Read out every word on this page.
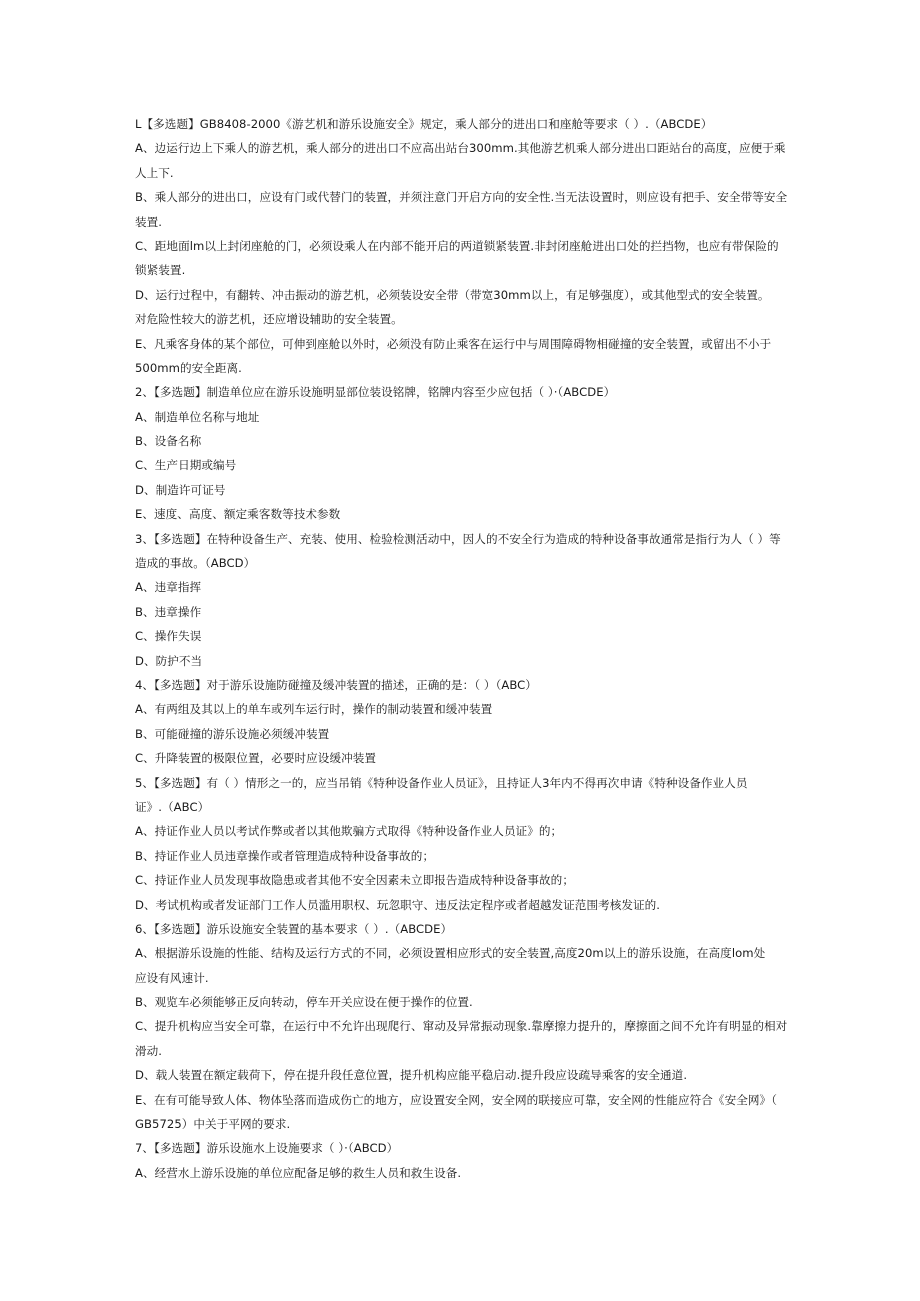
L【多选题】GB8408-2000《游艺机和游乐设施安全》规定，乘人部分的进出口和座舱等要求（ ）.（ABCDE）
A、边运行边上下乘人的游艺机，乘人部分的进出口不应高出站台300mm.其他游艺机乘人部分进出口距站台的高度，应便于乘
人上下.
B、乘人部分的进出口，应设有门或代替门的装置，并须注意门开启方向的安全性.当无法设置时，则应设有把手、安全带等安全
装置.
C、距地面lm以上封闭座舱的门，必须设乘人在内部不能开启的两道锁紧装置.非封闭座舱进出口处的拦挡物，也应有带保险的
锁紧装置.
D、运行过程中，有翻转、冲击振动的游艺机，必须装设安全带（带宽30mm以上，有足够强度），或其他型式的安全装置。
对危险性较大的游艺机，还应增设辅助的安全装置。
E、凡乘客身体的某个部位，可伸到座舱以外时，必须没有防止乘客在运行中与周围障碍物相碰撞的安全装置，或留出不小于
500mm的安全距离.
2、【多选题】制造单位应在游乐设施明显部位装设铭牌，铭牌内容至少应包括（ ）·（ABCDE）
A、制造单位名称与地址
B、设备名称
C、生产日期或编号
D、制造许可证号
E、速度、高度、额定乘客数等技术参数
3、【多选题】在特种设备生产、充装、使用、检验检测活动中，因人的不安全行为造成的特种设备事故通常是指行为人（ ）等
造成的事故。（ABCD）
A、违章指挥
B、违章操作
C、操作失误
D、防护不当
4、【多选题】对于游乐设施防碰撞及缓冲装置的描述，正确的是：（ ）（ABC）
A、有两组及其以上的单车或列车运行时，操作的制动装置和缓冲装置
B、可能碰撞的游乐设施必须缓冲装置
C、升降装置的极限位置，必要时应设缓冲装置
5、【多选题】有（ ）情形之一的，应当吊销《特种设备作业人员证》，且持证人3年内不得再次申请《特种设备作业人员
证》.（ABC）
A、持证作业人员以考试作弊或者以其他欺骗方式取得《特种设备作业人员证》的；
B、持证作业人员违章操作或者管理造成特种设备事故的；
C、持证作业人员发现事故隐患或者其他不安全因素未立即报告造成特种设备事故的；
D、考试机构或者发证部门工作人员滥用职权、玩忽职守、违反法定程序或者超越发证范围考核发证的.
6、【多选题】游乐设施安全装置的基本要求（ ）.（ABCDE）
A、根据游乐设施的性能、结构及运行方式的不同，必须设置相应形式的安全装置,高度20m以上的游乐设施，在高度lom处
应设有风速计.
B、观览车必须能够正反向转动，停车开关应设在便于操作的位置.
C、提升机构应当安全可靠，在运行中不允许出现爬行、窜动及异常振动现象.靠摩擦力提升的，摩擦面之间不允许有明显的相对
滑动.
D、载人装置在额定载荷下，停在提升段任意位置，提升机构应能平稳启动.提升段应设疏导乘客的安全通道.
E、在有可能导致人体、物体坠落而造成伤亡的地方，应设置安全网，安全网的联接应可靠，安全网的性能应符合《安全网》（
GB5725）中关于平网的要求.
7、【多选题】游乐设施水上设施要求（ ）·（ABCD）
A、经营水上游乐设施的单位应配备足够的救生人员和救生设备.
